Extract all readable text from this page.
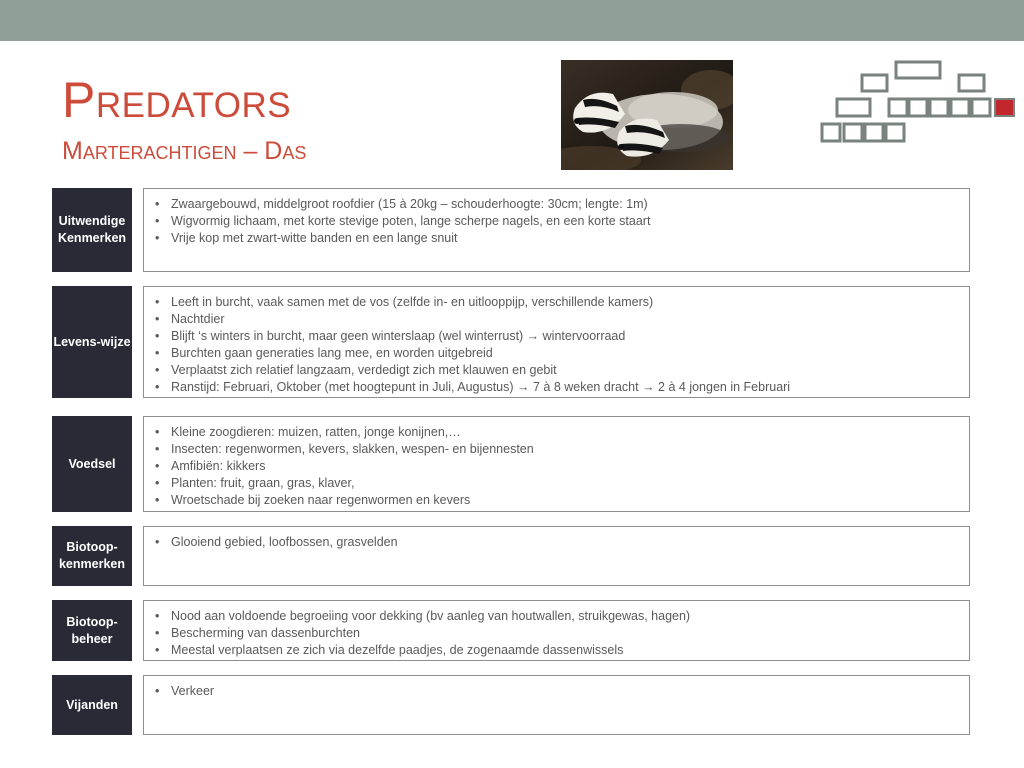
Predators
Marterachtigen – Das
Uitwendige Kenmerken
• Zwaargebouwd, middelgroot roofdier (15 à 20kg – schouderhoogte: 30cm; lengte: 1m)
• Wigvormig lichaam, met korte stevige poten, lange scherpe nagels, en een korte staart
• Vrije kop met zwart-witte banden en een lange snuit
Levens-wijze
• Leeft in burcht, vaak samen met de vos (zelfde in- en uitlooppijp, verschillende kamers)
• Nachtdier
• Blijft ‘s winters in burcht, maar geen winterslaap (wel winterrust) → wintervoorraad
• Burchten gaan generaties lang mee, en worden uitgebreid
• Verplaatst zich relatief langzaam, verdedigt zich met klauwen en gebit
• Ranstijd: Februari, Oktober (met hoogtepunt in Juli, Augustus) → 7 à 8 weken dracht → 2 à 4 jongen in Februari
Voedsel
• Kleine zoogdieren: muizen, ratten, jonge konijnen,…
• Insecten: regenwormen, kevers, slakken, wespen- en bijennesten
• Amfibiën: kikkers
• Planten: fruit, graan, gras, klaver,
• Wroetschade bij zoeken naar regenwormen en kevers
Biotoop-kenmerken
• Glooiend gebied, loofbossen, grasvelden
Biotoop-beheer
• Nood aan voldoende begroeiing voor dekking (bv aanleg van houtwallen, struikgewas, hagen)
• Bescherming van dassenburchten
• Meestal verplaatsen ze zich via dezelfde paadjes, de zogenaamde dassenwissels
Vijanden
• Verkeer
